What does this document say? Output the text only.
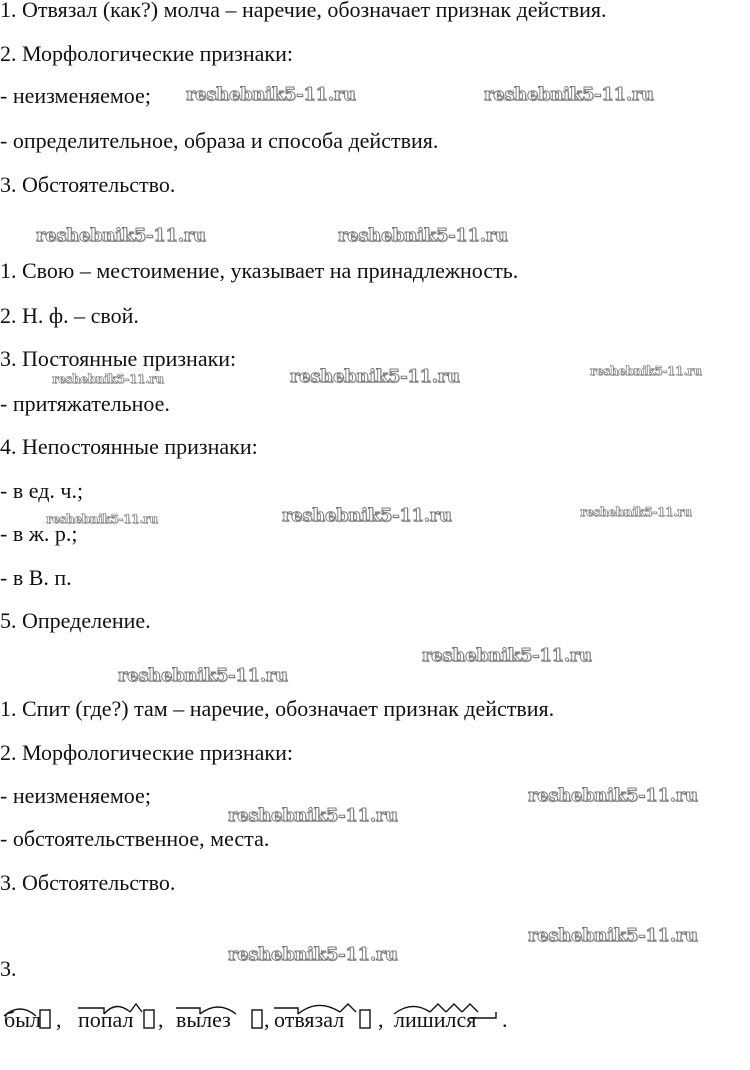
1. Отвязал (как?) молча – наречие, обозначает признак действия.
2. Морфологические признаки:
- неизменяемое;
- определительное, образа и способа действия.
3. Обстоятельство.
1. Свою – местоимение, указывает на принадлежность.
2. Н. ф. – свой.
3. Постоянные признаки:
- притяжательное.
4. Непостоянные признаки:
- в ед. ч.;
- в ж. р.;
- в В. п.
5. Определение.
1. Спит (где?) там – наречие, обозначает признак действия.
2. Морфологические признаки:
- неизменяемое;
- обстоятельственное, места.
3. Обстоятельство.
3.
reshebnik5-11.ru	reshebnik5-11.ru
reshebnik5-11.ru	reshebnik5-11.ru
reshebnik5-11.ru	reshebnik5-11.ru	reshebnik5-11.ru
reshebnik5-11.ru	reshebnik5-11.ru	reshebnik5-11.ru
reshebnik5-11.ru
reshebnik5-11.ru
reshebnik5-11.ru
reshebnik5-11.ru
reshebnik5-11.ru
reshebnik5-11.ru
был , попал , вылез , отвязал , лишился .
